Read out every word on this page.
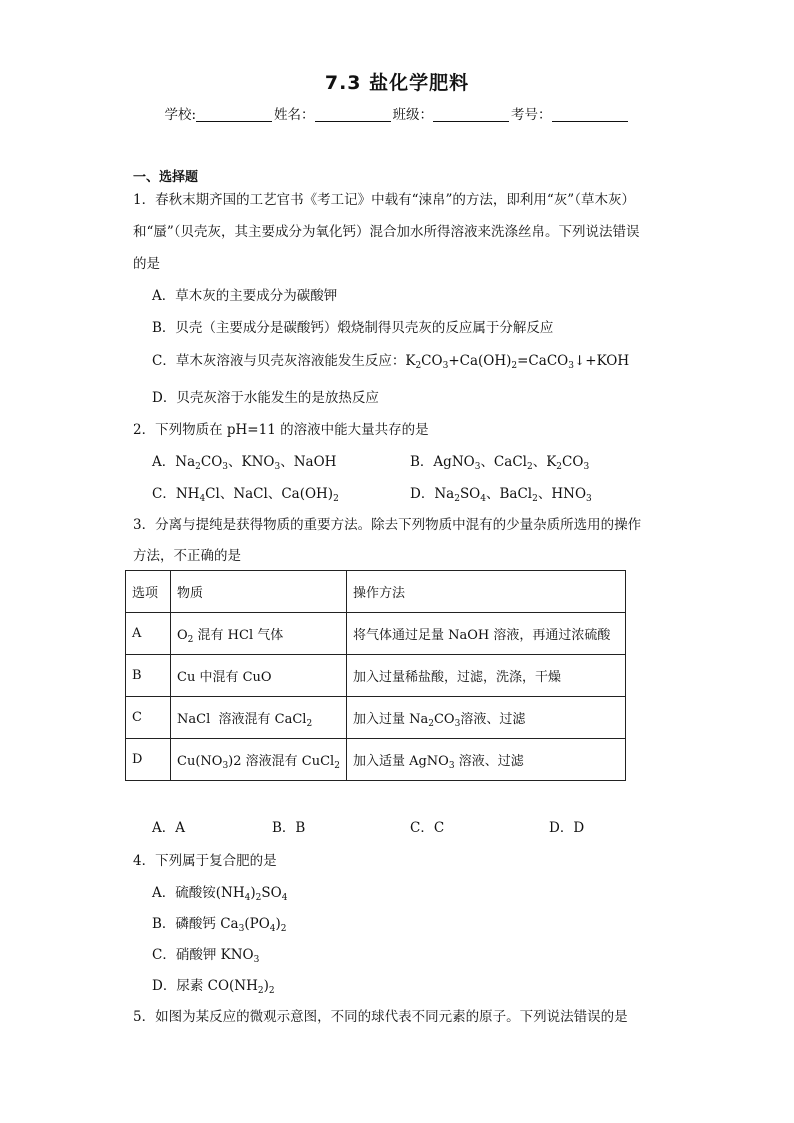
7.3 盐化学肥料
学校:	姓名：	班级：	考号：
一、选择题
1．春秋末期齐国的工艺官书《考工记》中载有“涑帛”的方法，即利用“灰”（草木灰）
和“蜃”（贝壳灰，其主要成分为氧化钙）混合加水所得溶液来洗涤丝帛。下列说法错误
的是
A．草木灰的主要成分为碳酸钾
B．贝壳（主要成分是碳酸钙）煅烧制得贝壳灰的反应属于分解反应
C．草木灰溶液与贝壳灰溶液能发生反应：$K_2CO_3+Ca(OH)_2=CaCO_3↓+KOH$
D．贝壳灰溶于水能发生的是放热反应
2．下列物质在 pH=11 的溶液中能大量共存的是
A．$Na_2CO_3$、$KNO_3$、NaOH	B．AgNO$_3$、CaCl$_2$、$K_2CO_3$
C．$NH_4Cl$、NaCl、$Ca(OH)_2$	D．$Na_2SO_4$、BaCl$_2$、$HNO_3$
3．分离与提纯是获得物质的重要方法。除去下列物质中混有的少量杂质所选用的操作
方法，不正确的是
选项	物质	操作方法
A	$O_2$ 混有 HCl 气体	将气体通过足量 NaOH 溶液，再通过浓硫酸
B	Cu 中混有 CuO	加入过量稀盐酸，过滤，洗涤，干燥
C	NaCl  溶液混有 CaCl$_2$	加入过量 $Na_2CO_3$溶液、过滤
D	$Cu(NO_3)2$ 溶液混有 CuCl$_2$	加入适量 AgNO$_3$ 溶液、过滤
A．A	B．B	C．C	D．D
4．下列属于复合肥的是
A．硫酸铵$(NH_4)_2SO_4$
B．磷酸钙 $Ca_3(PO_4)_2$
C．硝酸钾 $KNO_3$
D．尿素 $CO(NH_2)_2$
5．如图为某反应的微观示意图，不同的球代表不同元素的原子。下列说法错误的是
